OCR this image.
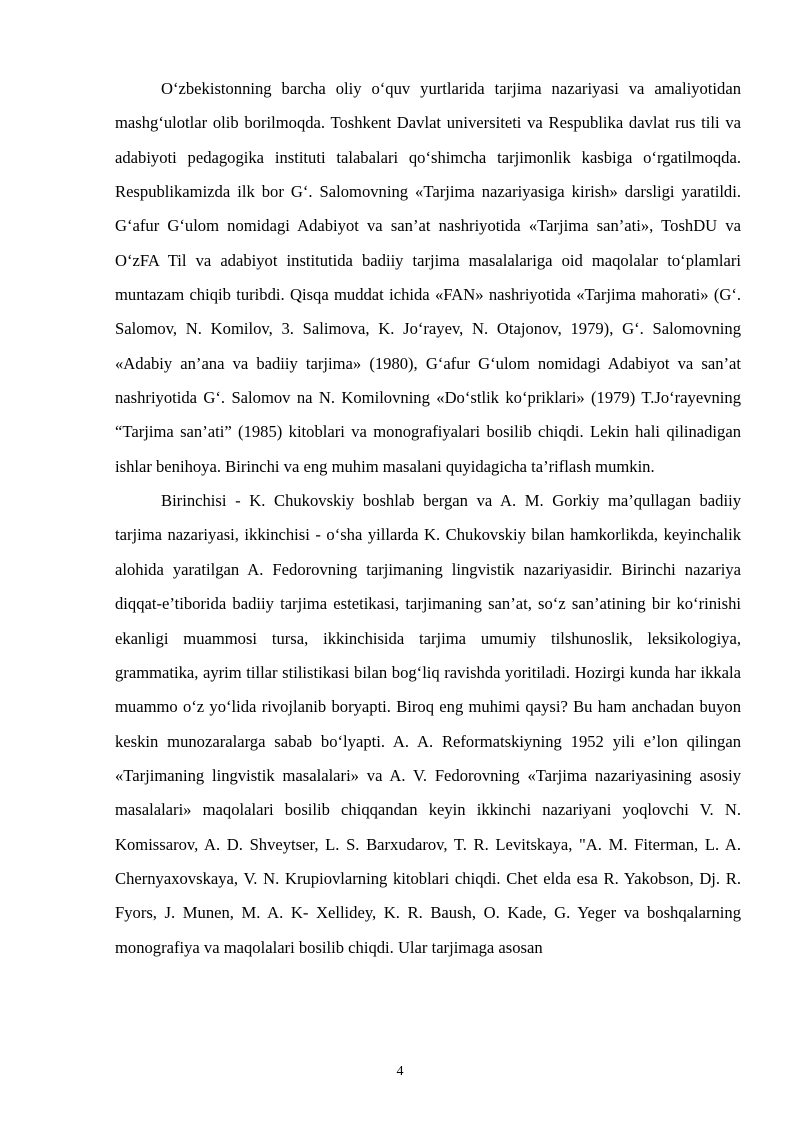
O‘zbekistonning barcha oliy o‘quv yurtlarida tarjima nazariyasi va amaliyotidan mashg‘ulotlar olib borilmoqda. Toshkent Davlat universiteti va Respublika davlat rus tili va adabiyoti pedagogika instituti talabalari qo‘shimcha tarjimonlik kasbiga o‘rgatilmoqda. Respublikamizda ilk bor G‘. Salomovning «Tarjima nazariyasiga kirish» darsligi yaratildi. G‘afur G‘ulom nomidagi Adabiyot va san’at nashriyotida «Tarjima san’ati», ToshDU va O‘zFA Til va adabiyot institutida badiiy tarjima masalalariga oid maqolalar to‘plamlari muntazam chiqib turibdi. Qisqa muddat ichida «FAN» nashriyotida «Tarjima mahorati» (G‘. Salomov, N. Komilov, 3. Salimova, K. Jo‘rayev, N. Otajonov, 1979), G‘. Salomovning «Adabiy an’ana va badiiy tarjima» (1980), G‘afur G‘ulom nomidagi Adabiyot va san’at nashriyotida G‘. Salomov na N. Komilovning «Do‘stlik ko‘priklari» (1979) T.Jo‘rayevning “Tarjima san’ati” (1985) kitoblari va monografiyalari bosilib chiqdi. Lekin hali qilinadigan ishlar benihoya. Birinchi va eng muhim masalani quyidagicha ta’riflash mumkin.

Birinchisi - K. Chukovskiy boshlab bergan va A. M. Gorkiy ma’qullagan badiiy tarjima nazariyasi, ikkinchisi - o‘sha yillarda K. Chukovskiy bilan hamkorlikda, keyinchalik alohida yaratilgan A. Fedorovning tarjimaning lingvistik nazariyasidir. Birinchi nazariya diqqat-e’tiborida badiiy tarjima estetikasi, tarjimaning san’at, so‘z san’atining bir ko‘rinishi ekanligi muammosi tursa, ikkinchisida tarjima umumiy tilshunoslik, leksikologiya, grammatika, ayrim tillar stilistikasi bilan bog‘liq ravishda yoritiladi. Hozirgi kunda har ikkala muammo o‘z yo‘lida rivojlanib boryapti. Biroq eng muhimi qaysi? Bu ham anchadan buyon keskin munozaralarga sabab bo‘lyapti. A. A. Reformatskiyning 1952 yili e’lon qilingan «Tarjimaning lingvistik masalalari» va A. V. Fedorovning «Tarjima nazariyasining asosiy masalalari» maqolalari bosilib chiqqandan keyin ikkinchi nazariyani yoqlovchi V. N. Komissarov, A. D. Shveytser, L. S. Barxudarov, T. R. Levitskaya, "A. M. Fiterman, L. A. Chernyaxovskaya, V. N. Krupiovlarning kitoblari chiqdi. Chet elda esa R. Yakobson, Dj. R. Fyors, J. Munen, M. A. K- Xellidey, K. R. Baush, O. Kade, G. Yeger va boshqalarning monografiya va maqolalari bosilib chiqdi. Ular tarjimaga asosan

4
